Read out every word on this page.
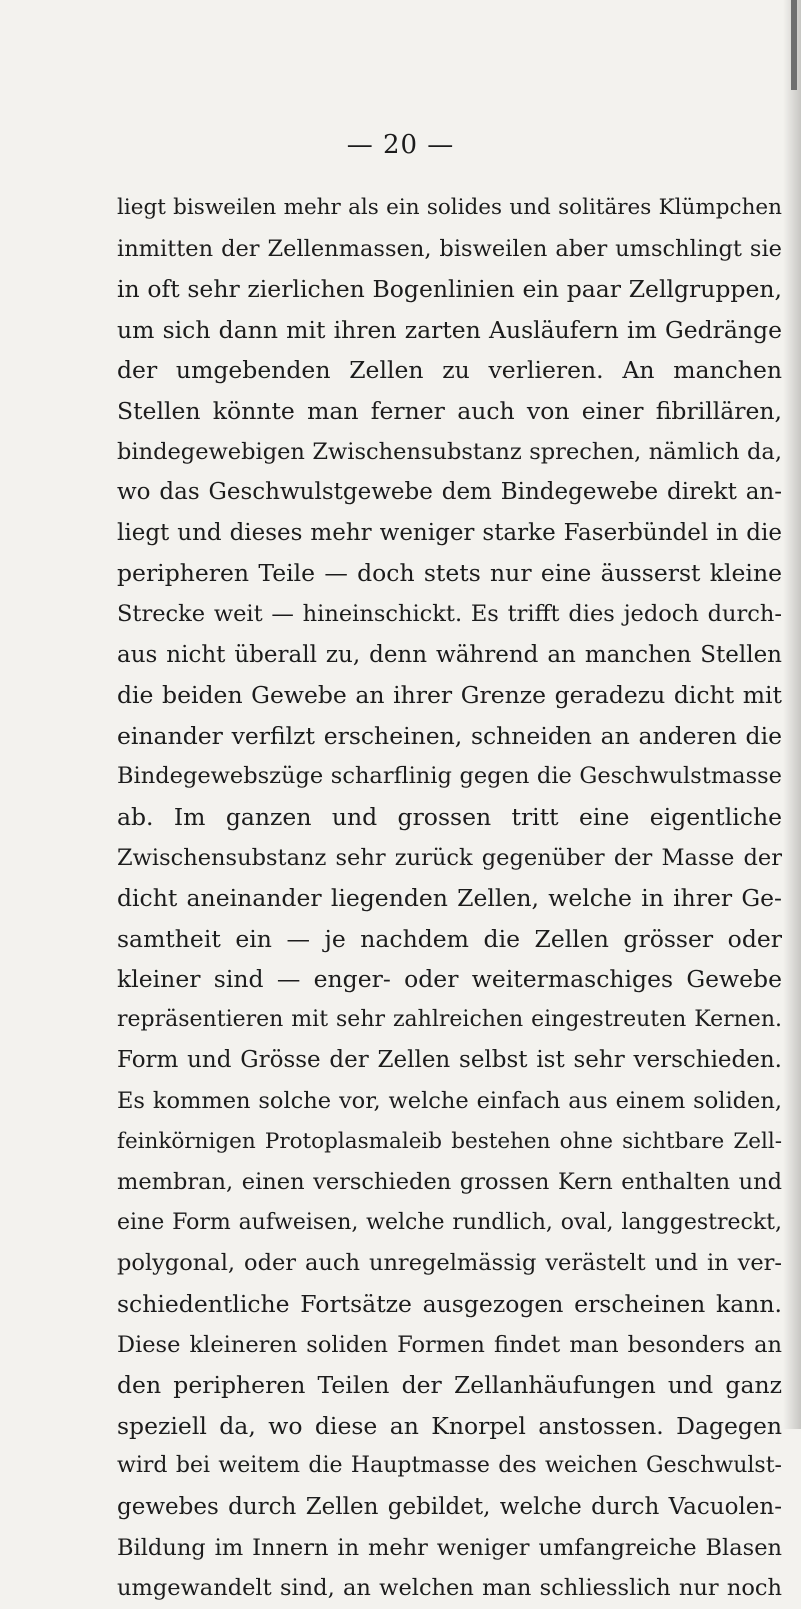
— 20 —
liegt bisweilen mehr als ein solides und solitäres Klümpchen
inmitten der Zellenmassen, bisweilen aber umschlingt sie
in oft sehr zierlichen Bogenlinien ein paar Zellgruppen,
um sich dann mit ihren zarten Ausläufern im Gedränge
der umgebenden Zellen zu verlieren. An manchen
Stellen könnte man ferner auch von einer fibrillären,
bindegewebigen Zwischensubstanz sprechen, nämlich da,
wo das Geschwulstgewebe dem Bindegewebe direkt an-
liegt und dieses mehr weniger starke Faserbündel in die
peripheren Teile — doch stets nur eine äusserst kleine
Strecke weit — hineinschickt. Es trifft dies jedoch durch-
aus nicht überall zu, denn während an manchen Stellen
die beiden Gewebe an ihrer Grenze geradezu dicht mit
einander verfilzt erscheinen, schneiden an anderen die
Bindegewebszüge scharflinig gegen die Geschwulstmasse
ab. Im ganzen und grossen tritt eine eigentliche
Zwischensubstanz sehr zurück gegenüber der Masse der
dicht aneinander liegenden Zellen, welche in ihrer Ge-
samtheit ein — je nachdem die Zellen grösser oder
kleiner sind — enger- oder weitermaschiges Gewebe
repräsentieren mit sehr zahlreichen eingestreuten Kernen.
Form und Grösse der Zellen selbst ist sehr verschieden.
Es kommen solche vor, welche einfach aus einem soliden,
feinkörnigen Protoplasmaleib bestehen ohne sichtbare Zell-
membran, einen verschieden grossen Kern enthalten und
eine Form aufweisen, welche rundlich, oval, langgestreckt,
polygonal, oder auch unregelmässig verästelt und in ver-
schiedentliche Fortsätze ausgezogen erscheinen kann.
Diese kleineren soliden Formen findet man besonders an
den peripheren Teilen der Zellanhäufungen und ganz
speziell da, wo diese an Knorpel anstossen. Dagegen
wird bei weitem die Hauptmasse des weichen Geschwulst-
gewebes durch Zellen gebildet, welche durch Vacuolen-
Bildung im Innern in mehr weniger umfangreiche Blasen
umgewandelt sind, an welchen man schliesslich nur noch
